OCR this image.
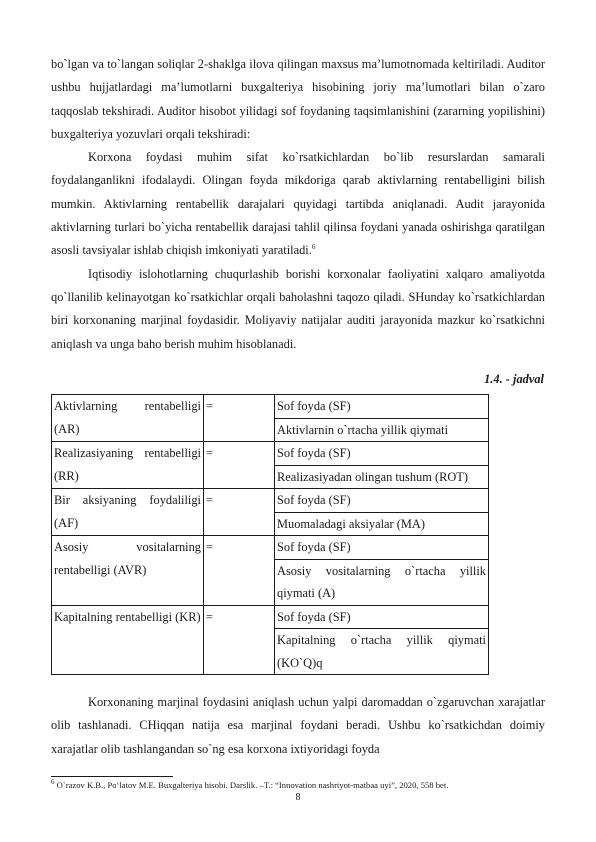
bo`lgan va to`langan soliqlar 2-shaklga ilova qilingan maxsus ma’lumotnomada keltiriladi. Auditor ushbu hujjatlardagi ma’lumotlarni buxgalteriya hisobining joriy ma’lumotlari bilan o`zaro taqqoslab tekshiradi. Auditor hisobot yilidagi sof foydaning taqsimlanishini (zararning yopilishini) buxgalteriya yozuvlari orqali tekshiradi:

Korxona foydasi muhim sifat ko`rsatkichlardan bo`lib resurslardan samarali foydalanganlikni ifodalaydi. Olingan foyda mikdoriga qarab aktivlarning rentabelligini bilish mumkin. Aktivlarning rentabellik darajalari quyidagi tartibda aniqlanadi. Audit jarayonida aktivlarning turlari bo`yicha rentabellik darajasi tahlil qilinsa foydani yanada oshirishga qaratilgan asosli tavsiyalar ishlab chiqish imkoniyati yaratiladi.$^6$

Iqtisodiy islohotlarning chuqurlashib borishi korxonalar faoliyatini xalqaro amaliyotda qo`llanilib kelinayotgan ko`rsatkichlar orqali baholashni taqozo qiladi. SHunday ko`rsatkichlardan biri korxonaning marjinal foydasidir. Moliyaviy natijalar auditi jarayonida mazkur ko`rsatkichni aniqlash va unga baho berish muhim hisoblanadi.

1.4. - jadval
Aktivlarning rentabelligi (AR)	=	Sof foyda (SF)
		Aktivlarnin o`rtacha yillik qiymati
Realizasiyaning rentabelligi (RR)	=	Sof foyda (SF)
		Realizasiyadan olingan tushum (ROT)
Bir aksiyaning foydaliligi (AF)	=	Sof foyda (SF)
		Muomaladagi aksiyalar (MA)
Asosiy vositalarning rentabelligi (AVR)	=	Sof foyda (SF)
		Asosiy vositalarning o`rtacha yillik qiymati (A)
Kapitalning rentabelligi (KR)	=	Sof foyda (SF)
		Kapitalning o`rtacha yillik qiymati (KO`Q)q

Korxonaning marjinal foydasini aniqlash uchun yalpi daromaddan o`zgaruvchan xarajatlar olib tashlanadi. CHiqqan natija esa marjinal foydani beradi. Ushbu ko`rsatkichdan doimiy xarajatlar olib tashlangandan so`ng esa korxona ixtiyoridagi foyda

$^6$ O`razov K.B., Po‘latov M.E. Buxgalteriya hisobi. Darslik. –T.: “Innovation nashriyot-matbaa uyi”, 2020, 558 bet.
8
